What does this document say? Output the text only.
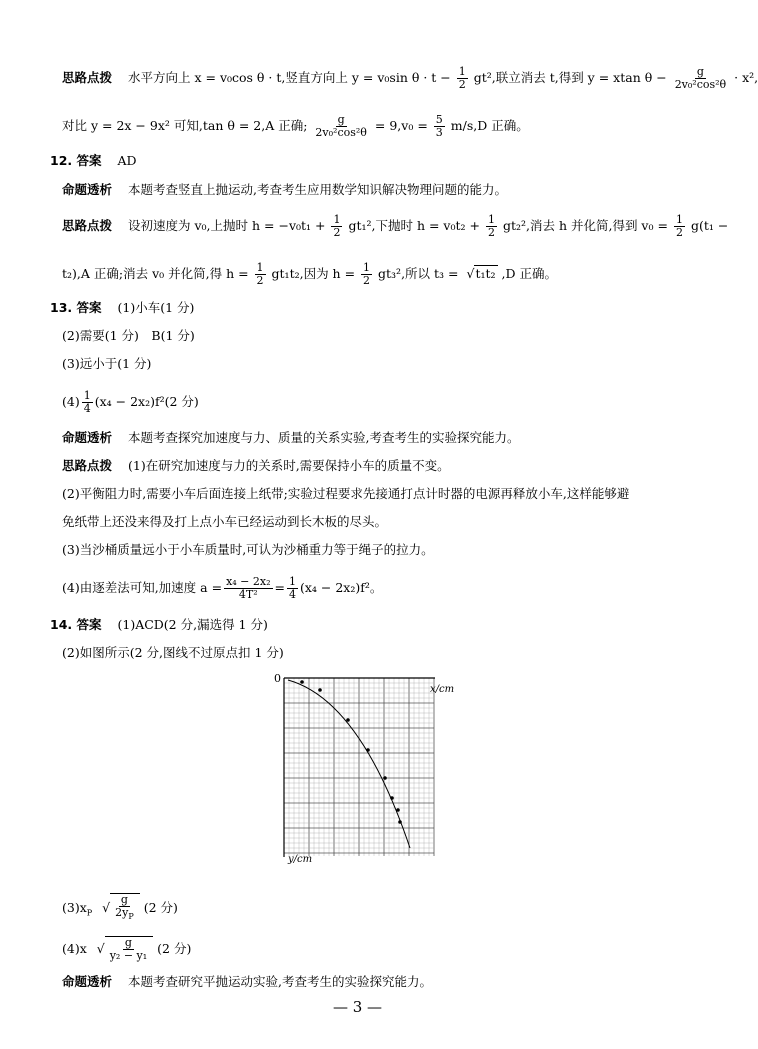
思路点拨 水平方向上 x = v₀cos θ · t,竖直方向上 y = v₀sin $\theta \cdot t - \frac{1}{2} gt^2$,联立消去 t,得到 y = xtan $\theta - \frac{g}{\text{2v₀²cos²θ}} \cdot x^2$,
对比 y = 2x − 9x² 可知,tan θ = 2,A 正确; $\frac{g}{\text{2v₀²cos²θ}} = 9,v_0 = \frac{5}{3} m/s,D$ 正确。
12. 答案 AD
命题透析 本题考查竖直上抛运动,考查考生应用数学知识解决物理问题的能力。
思路点拨 设初速度为 v₀,上抛时 $h = -v_0t_1 + \frac{1}{2} gt_1^2$,下抛时 $h = v_0t_2 + \frac{1}{2} gt_2^2$,消去 h 并化简,得到 $v_0 = \frac{1}{2} g(t_1$ −
t₂),A 正确;消去 v₀ 并化简,得 $h = \frac{1}{2} gt_1t_2$,因为 $h = \frac{1}{2} gt_3^2$,所以 t₃ = √ t₁t₂ ,D 正确。
13. 答案 (1)小车(1 分)
(2)需要(1 分)　B(1 分)
(3)远小于(1 分)
$(4) \frac{1}{4} (x_4 - 2x_2)f^2(2$ 分)
命题透析 本题考查探究加速度与力、质量的关系实验,考查考生的实验探究能力。
思路点拨 (1)在研究加速度与力的关系时,需要保持小车的质量不变。
(2)平衡阻力时,需要小车后面连接上纸带;实验过程要求先接通打点计时器的电源再释放小车,这样能够避
免纸带上还没来得及打上点小车已经运动到长木板的尽头。
(3)当沙桶质量远小于小车质量时,可认为沙桶重力等于绳子的拉力。
(4)由逐差法可知,加速度 $a = \frac{\text{x₄ − 2x₂}}{\text{4T²}} = \frac{1}{4} (x_4 - 2x_2)f^2$。
14. 答案 (1)ACD(2 分,漏选得 1 分)
(2)如图所示(2 分,图线不过原点扣 1 分)
0
x/cm
y/cm
$(3)x_P$ √ $\frac{g}{2y_P} (2$ 分)
(4)x √ $\frac{g}{\text{y₂ − y₁}} (2$ 分)
命题透析 本题考查研究平抛运动实验,考查考生的实验探究能力。
— 3 —
